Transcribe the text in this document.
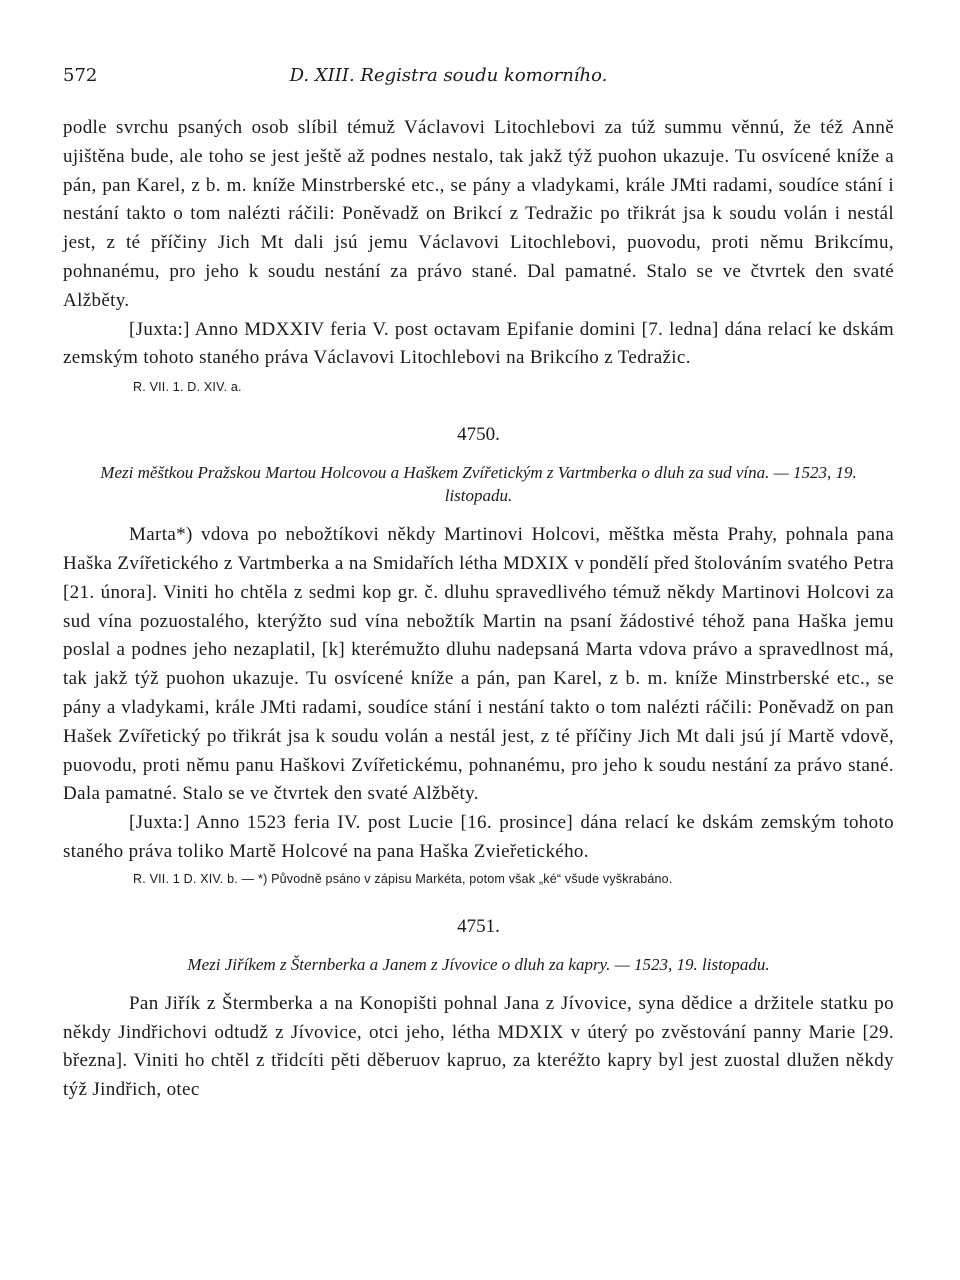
572	D. XIII. Registra soudu komorního.

podle svrchu psaných osob slíbil témuž Václavovi Litochlebovi za túž summu věnnú, že též Anně ujištěna bude, ale toho se jest ještě až podnes nestalo, tak jakž týž puohon ukazuje. Tu osvícené kníže a pán, pan Karel, z b. m. kníže Minstrberské etc., se pány a vladykami, krále JMti radami, soudíce stání i nestání takto o tom nalézti ráčili: Poněvadž on Brikcí z Tedražic po třikrát jsa k soudu volán i nestál jest, z té příčiny Jich Mt dali jsú jemu Václavovi Litochlebovi, puovodu, proti němu Brikcímu, pohnanému, pro jeho k soudu nestání za právo stané. Dal pamatné. Stalo se ve čtvrtek den svaté Alžběty.

[Juxta:] Anno MDXXIV feria V. post octavam Epifanie domini [7. ledna] dána relací ke dskám zemským tohoto staného práva Václavovi Litochlebovi na Brikcího z Tedražic.

R. VII. 1. D. XIV. a.
4750.
Mezi měštkou Pražskou Martou Holcovou a Haškem Zvířetickým z Vartmberka o dluh za sud vína. — 1523, 19. listopadu.

Marta*) vdova po nebožtíkovi někdy Martinovi Holcovi, měštka města Prahy, pohnala pana Haška Zvířetického z Vartmberka a na Smidařích létha MDXIX v pondělí před štolováním svatého Petra [21. února]. Viniti ho chtěla z sedmi kop gr. č. dluhu spravedlivého témuž někdy Martinovi Holcovi za sud vína pozuostalého, kterýžto sud vína nebožtík Martin na psaní žádostivé téhož pana Haška jemu poslal a podnes jeho nezaplatil, [k] kterémužto dluhu nadepsaná Marta vdova právo a spravedlnost má, tak jakž týž puohon ukazuje. Tu osvícené kníže a pán, pan Karel, z b. m. kníže Minstrberské etc., se pány a vladykami, krále JMti radami, soudíce stání i nestání takto o tom nalézti ráčili: Poněvadž on pan Hašek Zvířetický po třikrát jsa k soudu volán a nestál jest, z té příčiny Jich Mt dali jsú jí Martě vdově, puovodu, proti němu panu Haškovi Zvířetickému, pohnanému, pro jeho k soudu nestání za právo stané. Dala pamatné. Stalo se ve čtvrtek den svaté Alžběty.

[Juxta:] Anno 1523 feria IV. post Lucie [16. prosince] dána relací ke dskám zemským tohoto staného práva toliko Martě Holcové na pana Haška Zvieřetického.

R. VII. 1 D. XIV. b. — *) Původně psáno v zápisu Markéta, potom však „ké“ všude vyškrabáno.
4751.
Mezi Jiříkem z Šternberka a Janem z Jívovice o dluh za kapry. — 1523, 19. listopadu.

Pan Jiřík z Štermberka a na Konopišti pohnal Jana z Jívovice, syna dědice a držitele statku po někdy Jindřichovi odtudž z Jívovice, otci jeho, létha MDXIX v úterý po zvěstování panny Marie [29. března]. Viniti ho chtěl z třidcíti pěti děberuov kapruo, za kteréžto kapry byl jest zuostal dlužen někdy týž Jindřich, otec
